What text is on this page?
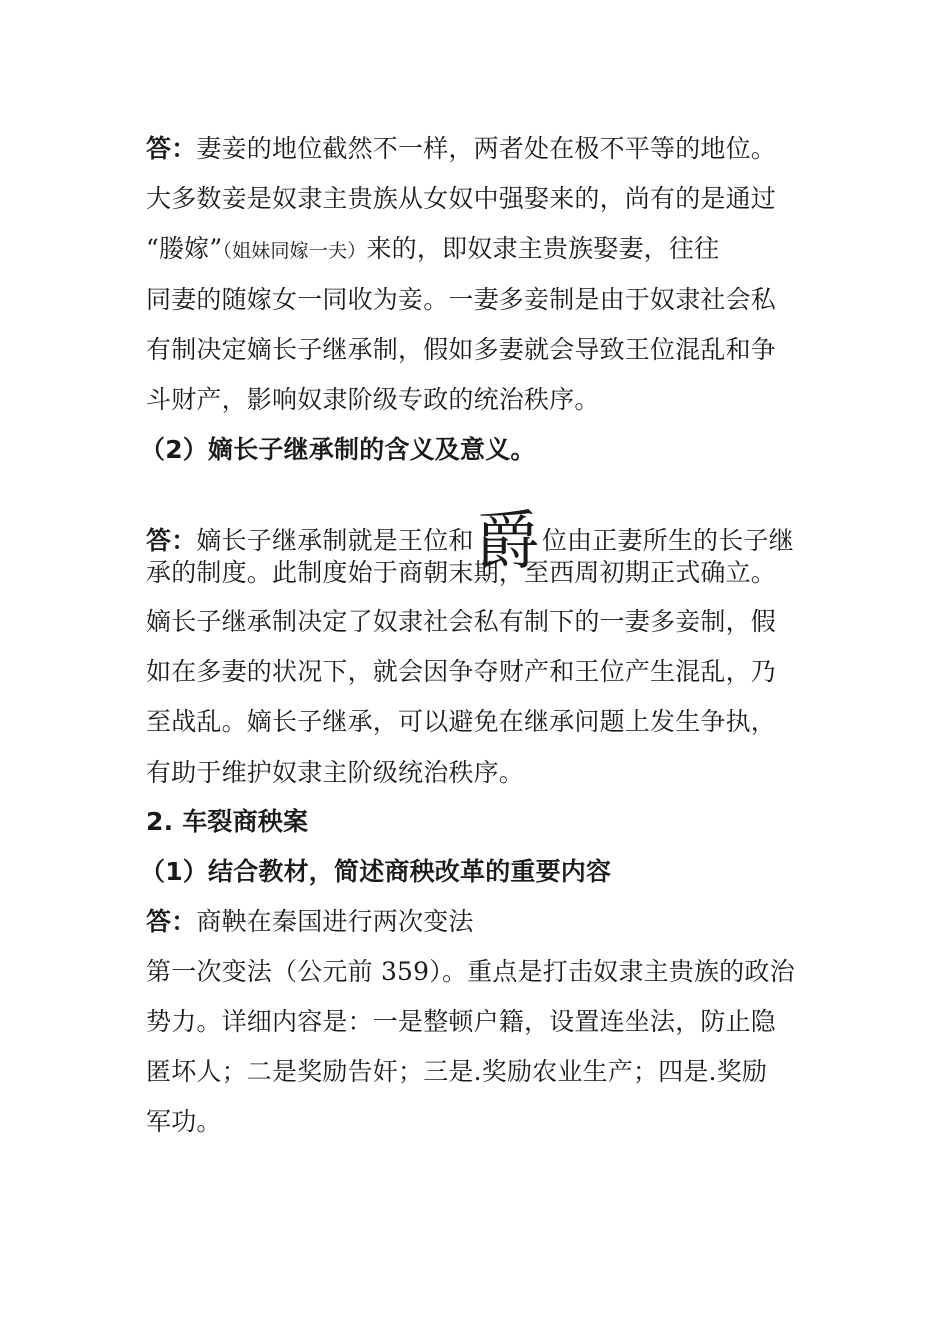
答：妻妾的地位截然不一样，两者处在极不平等的地位。
大多数妾是奴隶主贵族从女奴中强娶来的，尚有的是通过
“媵嫁”（姐妹同嫁一夫）来的，即奴隶主贵族娶妻，往往
同妻的随嫁女一同收为妾。一妻多妾制是由于奴隶社会私
有制决定嫡长子继承制，假如多妻就会导致王位混乱和争
斗财产，影响奴隶阶级专政的统治秩序。
（2）嫡长子继承制的含义及意义。
答：嫡长子继承制就是王位和爵位由正妻所生的长子继
承的制度。此制度始于商朝末期，至西周初期正式确立。
嫡长子继承制决定了奴隶社会私有制下的一妻多妾制，假
如在多妻的状况下，就会因争夺财产和王位产生混乱，乃
至战乱。嫡长子继承，可以避免在继承问题上发生争执，
有助于维护奴隶主阶级统治秩序。
2. 车裂商秧案
（1）结合教材，简述商秧改革的重要内容
答：商鞅在秦国进行两次变法
第一次变法（公元前 359）。重点是打击奴隶主贵族的政治
势力。详细内容是：一是整顿户籍，设置连坐法，防止隐
匿坏人；二是奖励告奸；三是.奖励农业生产；四是.奖励
军功。
